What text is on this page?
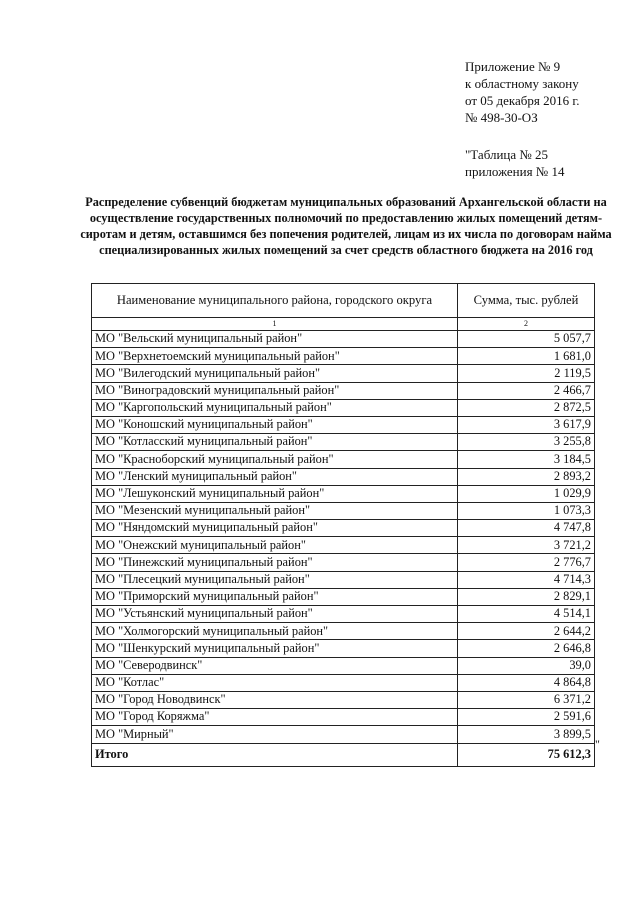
Приложение № 9
к областному закону
от 05 декабря 2016 г.
№ 498-30-ОЗ
"Таблица № 25
приложения № 14
Распределение субвенций бюджетам муниципальных образований Архангельской области на осуществление государственных полномочий по предоставлению жилых помещений детям-сиротам и детям, оставшимся без попечения родителей, лицам из их числа по договорам найма специализированных жилых помещений за счет средств областного бюджета на 2016 год
Наименование муниципального района, городского округа	Сумма, тыс. рублей
1	2
МО "Вельский муниципальный район"	5 057,7
МО "Верхнетоемский муниципальный район"	1 681,0
МО "Вилегодский муниципальный район"	2 119,5
МО "Виноградовский муниципальный район"	2 466,7
МО "Каргопольский муниципальный район"	2 872,5
МО "Коношский муниципальный район"	3 617,9
МО "Котласский муниципальный район"	3 255,8
МО "Красноборский муниципальный район"	3 184,5
МО "Ленский муниципальный район"	2 893,2
МО "Лешуконский муниципальный район"	1 029,9
МО "Мезенский муниципальный район"	1 073,3
МО "Няндомский муниципальный район"	4 747,8
МО "Онежский муниципальный район"	3 721,2
МО "Пинежский муниципальный район"	2 776,7
МО "Плесецкий муниципальный район"	4 714,3
МО "Приморский муниципальный район"	2 829,1
МО "Устьянский муниципальный район"	4 514,1
МО "Холмогорский муниципальный район"	2 644,2
МО "Шенкурский муниципальный район"	2 646,8
МО "Северодвинск"	39,0
МО "Котлас"	4 864,8
МО "Город Новодвинск"	6 371,2
МО "Город Коряжма"	2 591,6
МО "Мирный"	3 899,5
Итого	75 612,3
"
